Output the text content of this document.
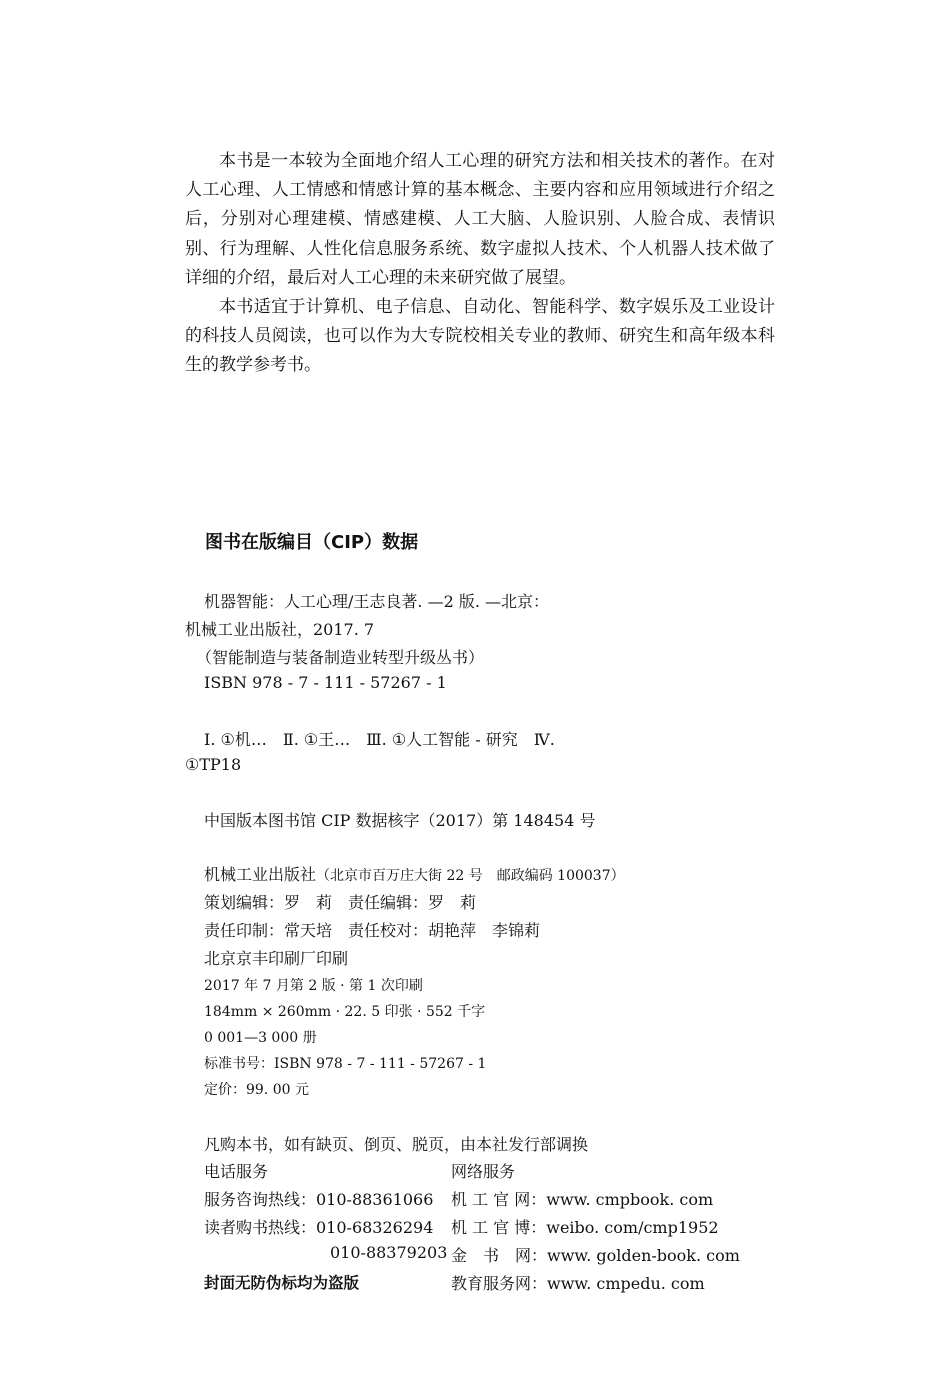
本书是一本较为全面地介绍人工心理的研究方法和相关技术的著作。在对人工心理、人工情感和情感计算的基本概念、主要内容和应用领域进行介绍之后，分别对心理建模、情感建模、人工大脑、人脸识别、人脸合成、表情识别、行为理解、人性化信息服务系统、数字虚拟人技术、个人机器人技术做了详细的介绍，最后对人工心理的未来研究做了展望。

本书适宜于计算机、电子信息、自动化、智能科学、数字娱乐及工业设计的科技人员阅读，也可以作为大专院校相关专业的教师、研究生和高年级本科生的教学参考书。

图书在版编目（CIP）数据
机器智能：人工心理/王志良著. —2 版. —北京：
机械工业出版社，2017. 7
（智能制造与装备制造业转型升级丛书）
ISBN 978 - 7 - 111 - 57267 - 1
Ⅰ. ①机…　Ⅱ. ①王…　Ⅲ. ①人工智能 - 研究　Ⅳ.
①TP18
中国版本图书馆 CIP 数据核字（2017）第 148454 号
机械工业出版社（北京市百万庄大街 22 号　邮政编码 100037）
策划编辑：罗　莉　责任编辑：罗　莉
责任印制：常天培　责任校对：胡艳萍　李锦莉
北京京丰印刷厂印刷
2017 年 7 月第 2 版 · 第 1 次印刷
184mm × 260mm · 22. 5 印张 · 552 千字
0 001—3 000 册
标准书号：ISBN 978 - 7 - 111 - 57267 - 1
定价：99. 00 元
凡购本书，如有缺页、倒页、脱页，由本社发行部调换
电话服务	网络服务
服务咨询热线：010-88361066 机 工 官 网：www. cmpbook. com
读者购书热线：010-68326294 机 工 官 博：weibo. com/cmp1952
010-88379203 金　书　网：www. golden-book. com
封面无防伪标均为盗版	教育服务网：www. cmpedu. com
